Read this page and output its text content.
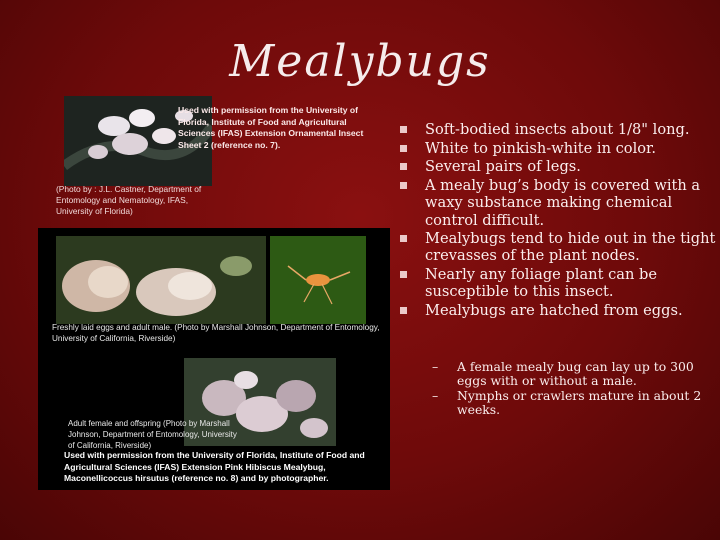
Mealybugs

Used with permission from the University of Florida, Institute of Food and Agricultural Sciences (IFAS) Extension Ornamental Insect Sheet 2 (reference no. 7).

(Photo by : J.L. Castner, Department of Entomology and Nematology, IFAS, University of Florida)

Freshly laid eggs and adult male. (Photo by Marshall Johnson, Department of Entomology, University of California, Riverside)

Adult female and offspring (Photo by Marshall Johnson, Department of Entomology, University of California, Riverside)

Used with permission from the University of Florida, Institute of Food and Agricultural Sciences (IFAS) Extension Pink Hibiscus Mealybug, Maconellicoccus hirsutus (reference no. 8) and by photographer.

Soft-bodied insects about 1/8" long.
White to pinkish-white in color.
Several pairs of legs.
A mealy bug’s body is covered with a waxy substance making chemical control difficult.
Mealybugs tend to hide out in the tight crevasses of the plant nodes.
Nearly any foliage plant can be susceptible to this insect.
Mealybugs are hatched from eggs.
– A female mealy bug can lay up to 300 eggs with or without a male.
– Nymphs or crawlers mature in about 2 weeks.
